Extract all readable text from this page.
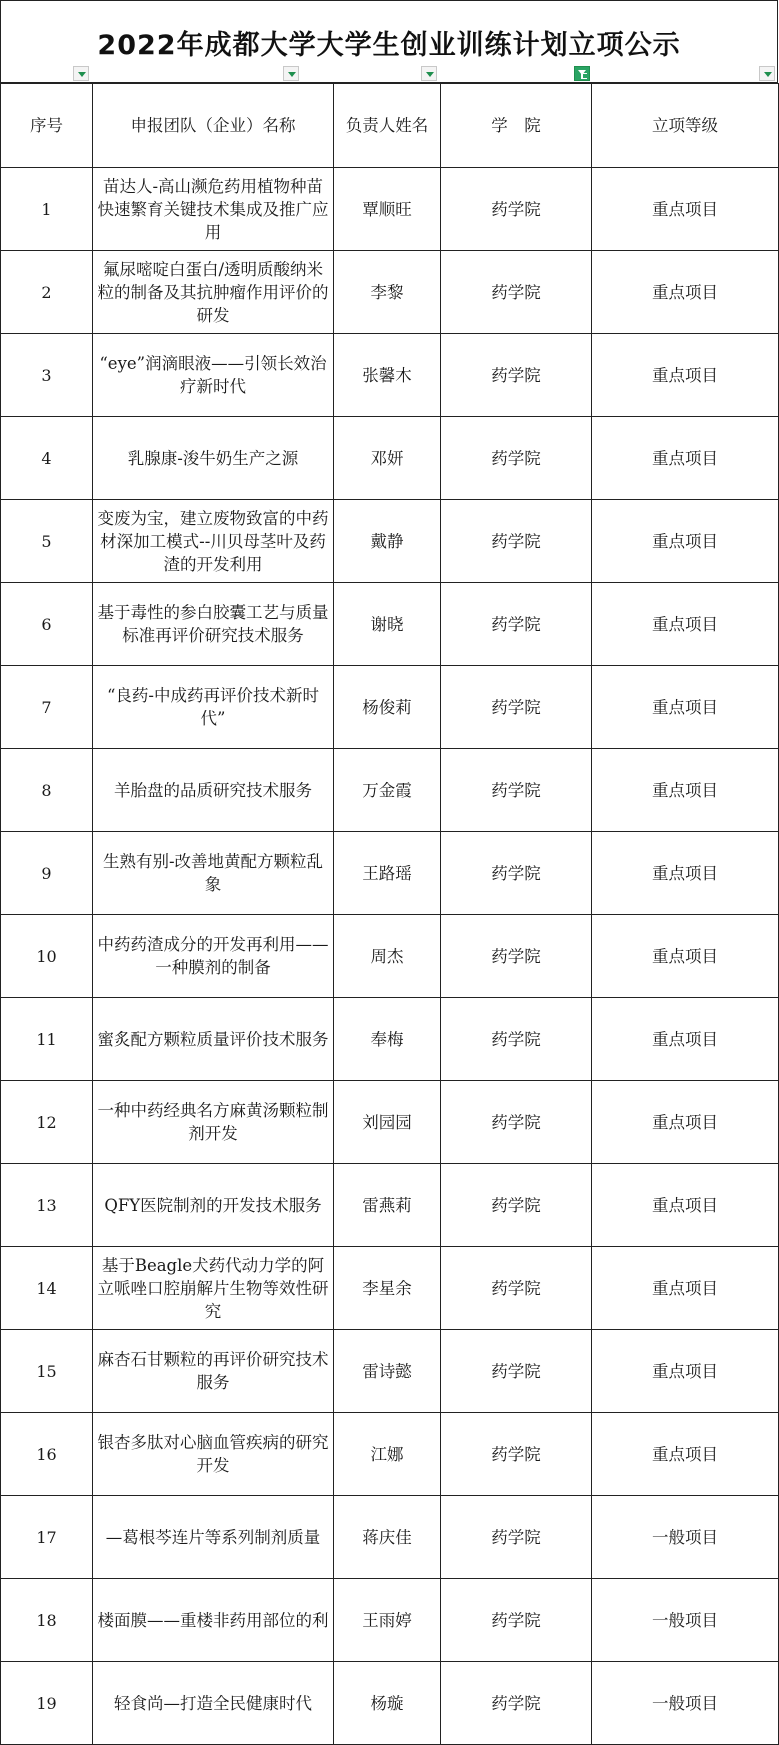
2022年成都大学大学生创业训练计划立项公示
序号	申报团队（企业）名称	负责人姓名	学　院	立项等级
1	苗达人-高山濒危药用植物种苗快速繁育关键技术集成及推广应用	覃顺旺	药学院	重点项目
2	氟尿嘧啶白蛋白/透明质酸纳米粒的制备及其抗肿瘤作用评价的研发	李黎	药学院	重点项目
3	“eye”润滴眼液——引领长效治疗新时代	张馨木	药学院	重点项目
4	乳腺康-浚牛奶生产之源	邓妍	药学院	重点项目
5	变废为宝，建立废物致富的中药材深加工模式--川贝母茎叶及药渣的开发利用	戴静	药学院	重点项目
6	基于毒性的参白胶囊工艺与质量标准再评价研究技术服务	谢晓	药学院	重点项目
7	“良药-中成药再评价技术新时代”	杨俊莉	药学院	重点项目
8	羊胎盘的品质研究技术服务	万金霞	药学院	重点项目
9	生熟有别-改善地黄配方颗粒乱象	王路瑶	药学院	重点项目
10	中药药渣成分的开发再利用——一种膜剂的制备	周杰	药学院	重点项目
11	蜜炙配方颗粒质量评价技术服务	奉梅	药学院	重点项目
12	一种中药经典名方麻黄汤颗粒制剂开发	刘园园	药学院	重点项目
13	QFY医院制剂的开发技术服务	雷燕莉	药学院	重点项目
14	基于Beagle犬药代动力学的阿立哌唑口腔崩解片生物等效性研究	李星余	药学院	重点项目
15	麻杏石甘颗粒的再评价研究技术服务	雷诗懿	药学院	重点项目
16	银杏多肽对心脑血管疾病的研究开发	江娜	药学院	重点项目
17	—葛根芩连片等系列制剂质量	蒋庆佳	药学院	一般项目
18	楼面膜——重楼非药用部位的利	王雨婷	药学院	一般项目
19	轻食尚—打造全民健康时代	杨璇	药学院	一般项目
